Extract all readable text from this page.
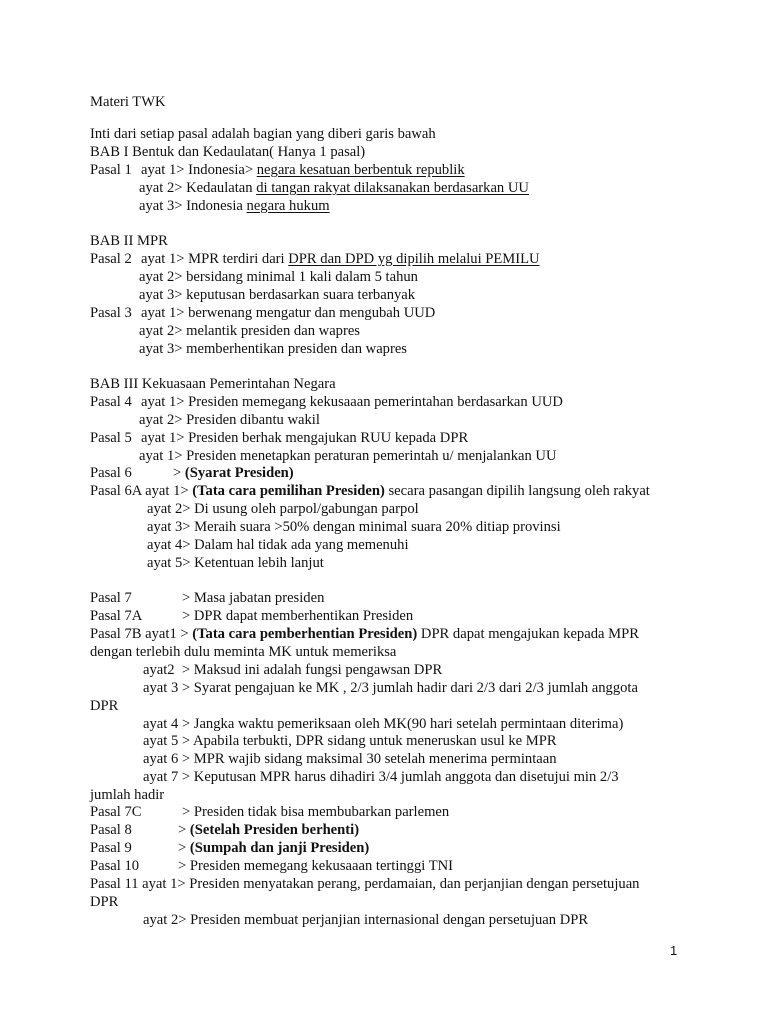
Materi TWK
Inti dari setiap pasal adalah bagian yang diberi garis bawah
BAB I Bentuk dan Kedaulatan( Hanya 1 pasal)
Pasal 1 ayat 1> Indonesia> negara kesatuan berbentuk republik
ayat 2> Kedaulatan di tangan rakyat dilaksanakan berdasarkan UU
ayat 3> Indonesia negara hukum
BAB II MPR
Pasal 2 ayat 1> MPR terdiri dari DPR dan DPD yg dipilih melalui PEMILU
ayat 2> bersidang minimal 1 kali dalam 5 tahun
ayat 3> keputusan berdasarkan suara terbanyak
Pasal 3 ayat 1> berwenang mengatur dan mengubah UUD
ayat 2> melantik presiden dan wapres
ayat 3> memberhentikan presiden dan wapres
BAB III Kekuasaan Pemerintahan Negara
Pasal 4 ayat 1> Presiden memegang kekusaaan pemerintahan berdasarkan UUD
ayat 2> Presiden dibantu wakil
Pasal 5 ayat 1> Presiden berhak mengajukan RUU kepada DPR
ayat 1> Presiden menetapkan peraturan pemerintah u/ menjalankan UU
Pasal 6	> (Syarat Presiden)
Pasal 6A ayat 1> (Tata cara pemilihan Presiden) secara pasangan dipilih langsung oleh rakyat
ayat 2> Di usung oleh parpol/gabungan parpol
ayat 3> Meraih suara >50% dengan minimal suara 20% ditiap provinsi
ayat 4> Dalam hal tidak ada yang memenuhi
ayat 5> Ketentuan lebih lanjut
Pasal 7	> Masa jabatan presiden
Pasal 7A	> DPR dapat memberhentikan Presiden
Pasal 7B ayat1 > (Tata cara pemberhentian Presiden) DPR dapat mengajukan kepada MPR
dengan terlebih dulu meminta MK untuk memeriksa
ayat2  > Maksud ini adalah fungsi pengawsan DPR
ayat 3 > Syarat pengajuan ke MK , 2/3 jumlah hadir dari 2/3 dari 2/3 jumlah anggota
DPR
ayat 4 > Jangka waktu pemeriksaan oleh MK(90 hari setelah permintaan diterima)
ayat 5 > Apabila terbukti, DPR sidang untuk meneruskan usul ke MPR
ayat 6 > MPR wajib sidang maksimal 30 setelah menerima permintaan
ayat 7 > Keputusan MPR harus dihadiri 3/4 jumlah anggota dan disetujui min 2/3
jumlah hadir
Pasal 7C	> Presiden tidak bisa membubarkan parlemen
Pasal 8	> (Setelah Presiden berhenti)
Pasal 9	> (Sumpah dan janji Presiden)
Pasal 10	> Presiden memegang kekusaaan tertinggi TNI
Pasal 11 ayat 1> Presiden menyatakan perang, perdamaian, dan perjanjian dengan persetujuan
DPR
ayat 2> Presiden membuat perjanjian internasional dengan persetujuan DPR
1
